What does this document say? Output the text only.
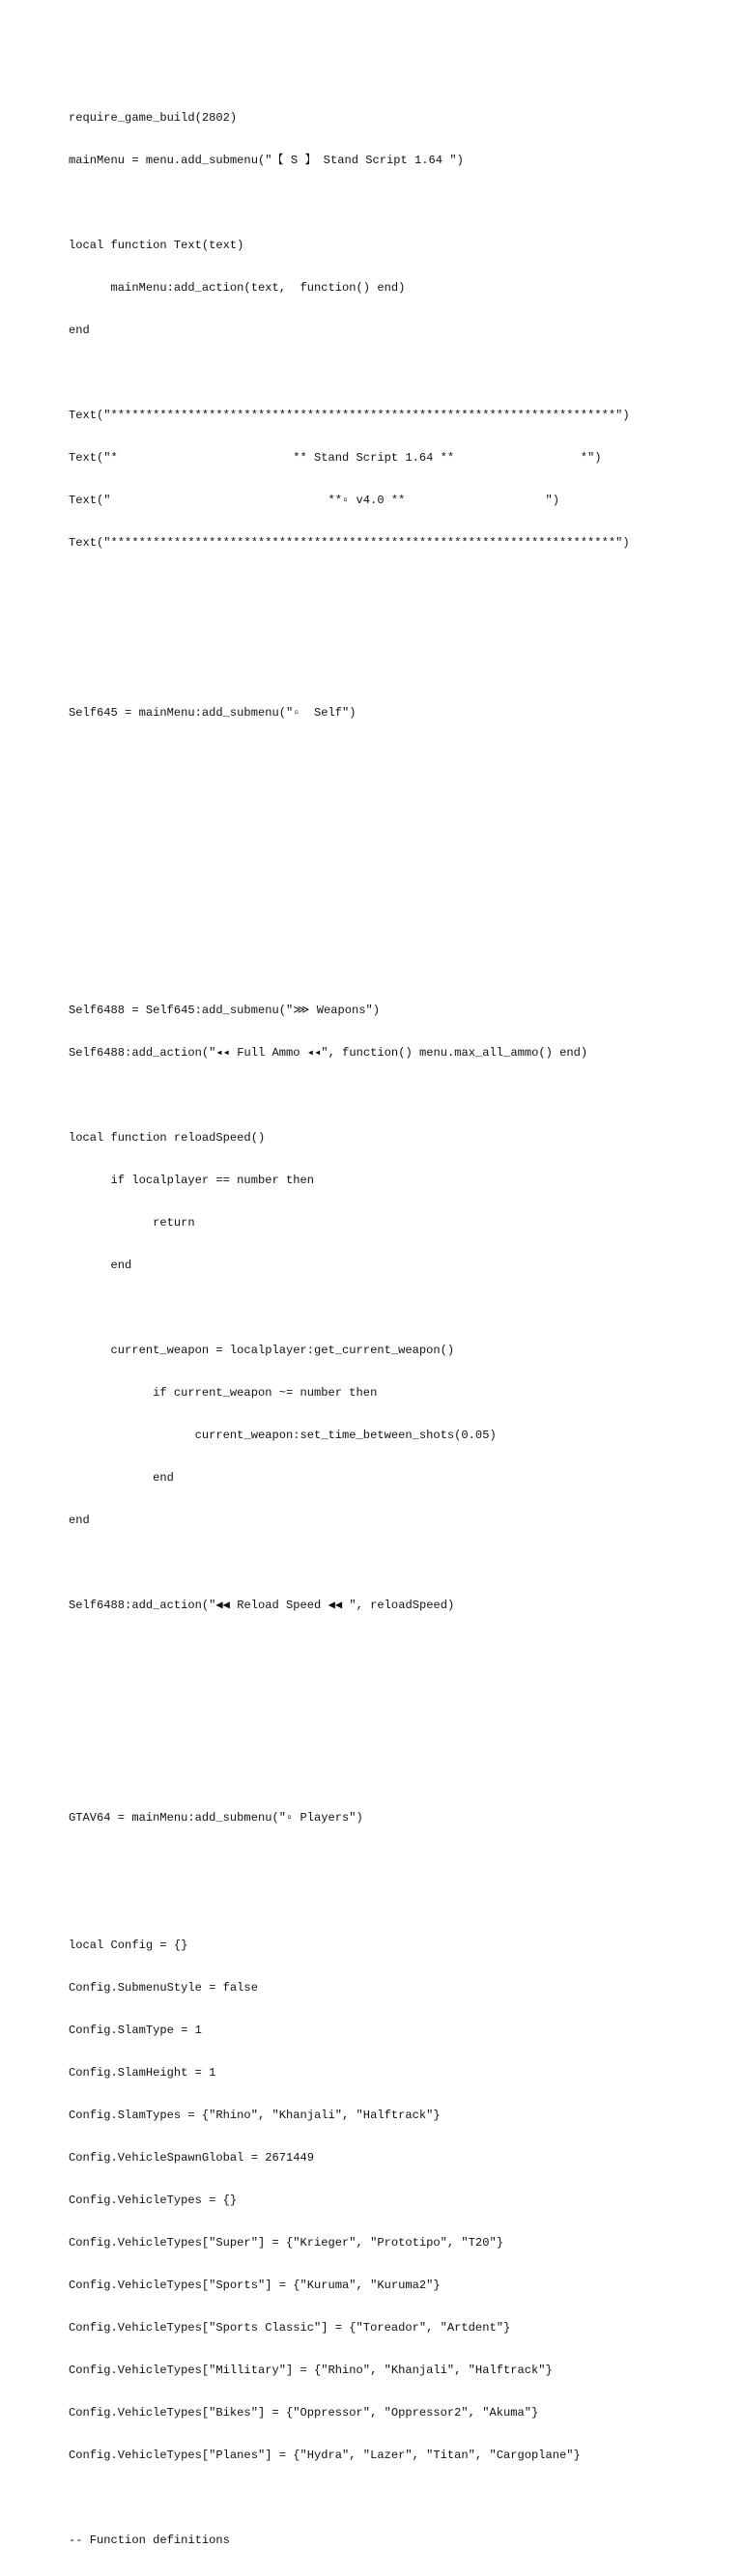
require_game_build(2802)

mainMenu = menu.add_submenu("【 S 】 Stand Script 1.64 ")

local function Text(text)

mainMenu:add_action(text,  function() end)

end

Text("************************************************************************")

Text("*                         ** Stand Script 1.64 **                  *")

Text("                               **▫ v4.0 **                    ")

Text("************************************************************************")

Self645 = mainMenu:add_submenu("▫  Self")

Self6488 = Self645:add_submenu("⋙ Weapons")

Self6488:add_action("◂◂ Full Ammo ◂◂", function() menu.max_all_ammo() end)

local function reloadSpeed()

if localplayer == number then

return

end

current_weapon = localplayer:get_current_weapon()

if current_weapon ~= number then

current_weapon:set_time_between_shots(0.05)

end

end

Self6488:add_action("◀◀ Reload Speed ◀◀ ", reloadSpeed)

GTAV64 = mainMenu:add_submenu("▫ Players")

local Config = {}

Config.SubmenuStyle = false

Config.SlamType = 1

Config.SlamHeight = 1

Config.SlamTypes = {"Rhino", "Khanjali", "Halftrack"}

Config.VehicleSpawnGlobal = 2671449

Config.VehicleTypes = {}

Config.VehicleTypes["Super"] = {"Krieger", "Prototipo", "T20"}

Config.VehicleTypes["Sports"] = {"Kuruma", "Kuruma2"}

Config.VehicleTypes["Sports Classic"] = {"Toreador", "Artdent"}

Config.VehicleTypes["Millitary"] = {"Rhino", "Khanjali", "Halftrack"}

Config.VehicleTypes["Bikes"] = {"Oppressor", "Oppressor2", "Akuma"}

Config.VehicleTypes["Planes"] = {"Hydra", "Lazer", "Titan", "Cargoplane"}

-- Function definitions
